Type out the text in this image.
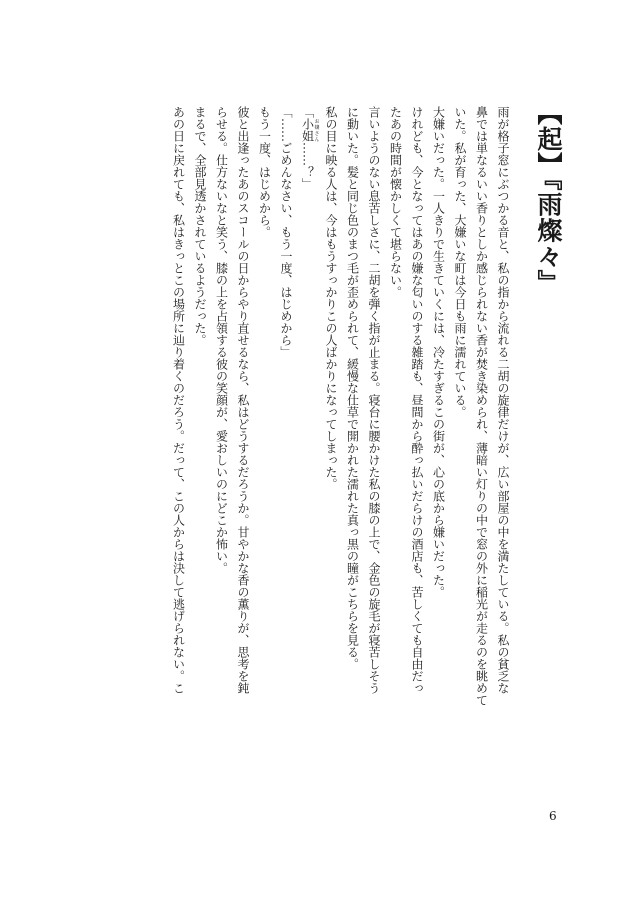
【起】『雨燦々』
雨が格子窓にぶつかる音と、私の指から流れる二胡の旋律だけが、広い部屋の中を満たしている。私の貧乏な
鼻では単なるいい香りとしか感じられない香が焚き染められ、薄暗い灯りの中で窓の外に稲光が走るのを眺めて
いた。私が育った、大嫌いな町は今日も雨に濡れている。
大嫌いだった。一人きりで生きていくには、冷たすぎるこの街が、心の底から嫌いだった。
けれども、今となってはあの嫌な匂いのする雑踏も、昼間から酔っ払いだらけの酒店も、苦しくても自由だっ
たあの時間が懐かしくて堪らない。
言いようのない息苦しさに、二胡を弾く指が止まる。寝台に腰かけた私の膝の上で、金色の旋毛が寝苦しそう
に動いた。髪と同じ色のまつ毛が歪められて、緩慢な仕草で開かれた濡れた真っ黒の瞳がこちらを見る。
私の目に映る人は、今はもうすっかりこの人ばかりになってしまった。
「小姐 お嬢さん……？」
「……ごめんなさい、もう一度、はじめから」
もう一度、はじめから。
彼と出逢ったあのスコールの日からやり直せるなら、私はどうするだろうか。甘やかな香の薫りが、思考を鈍
らせる。仕方ないなと笑う、膝の上を占領する彼の笑顔が、愛おしいのにどこか怖い。
まるで、全部見透かされているようだった。
あの日に戻れても、私はきっとこの場所に辿り着くのだろう。だって、この人からは決して逃げられない。こ
6
